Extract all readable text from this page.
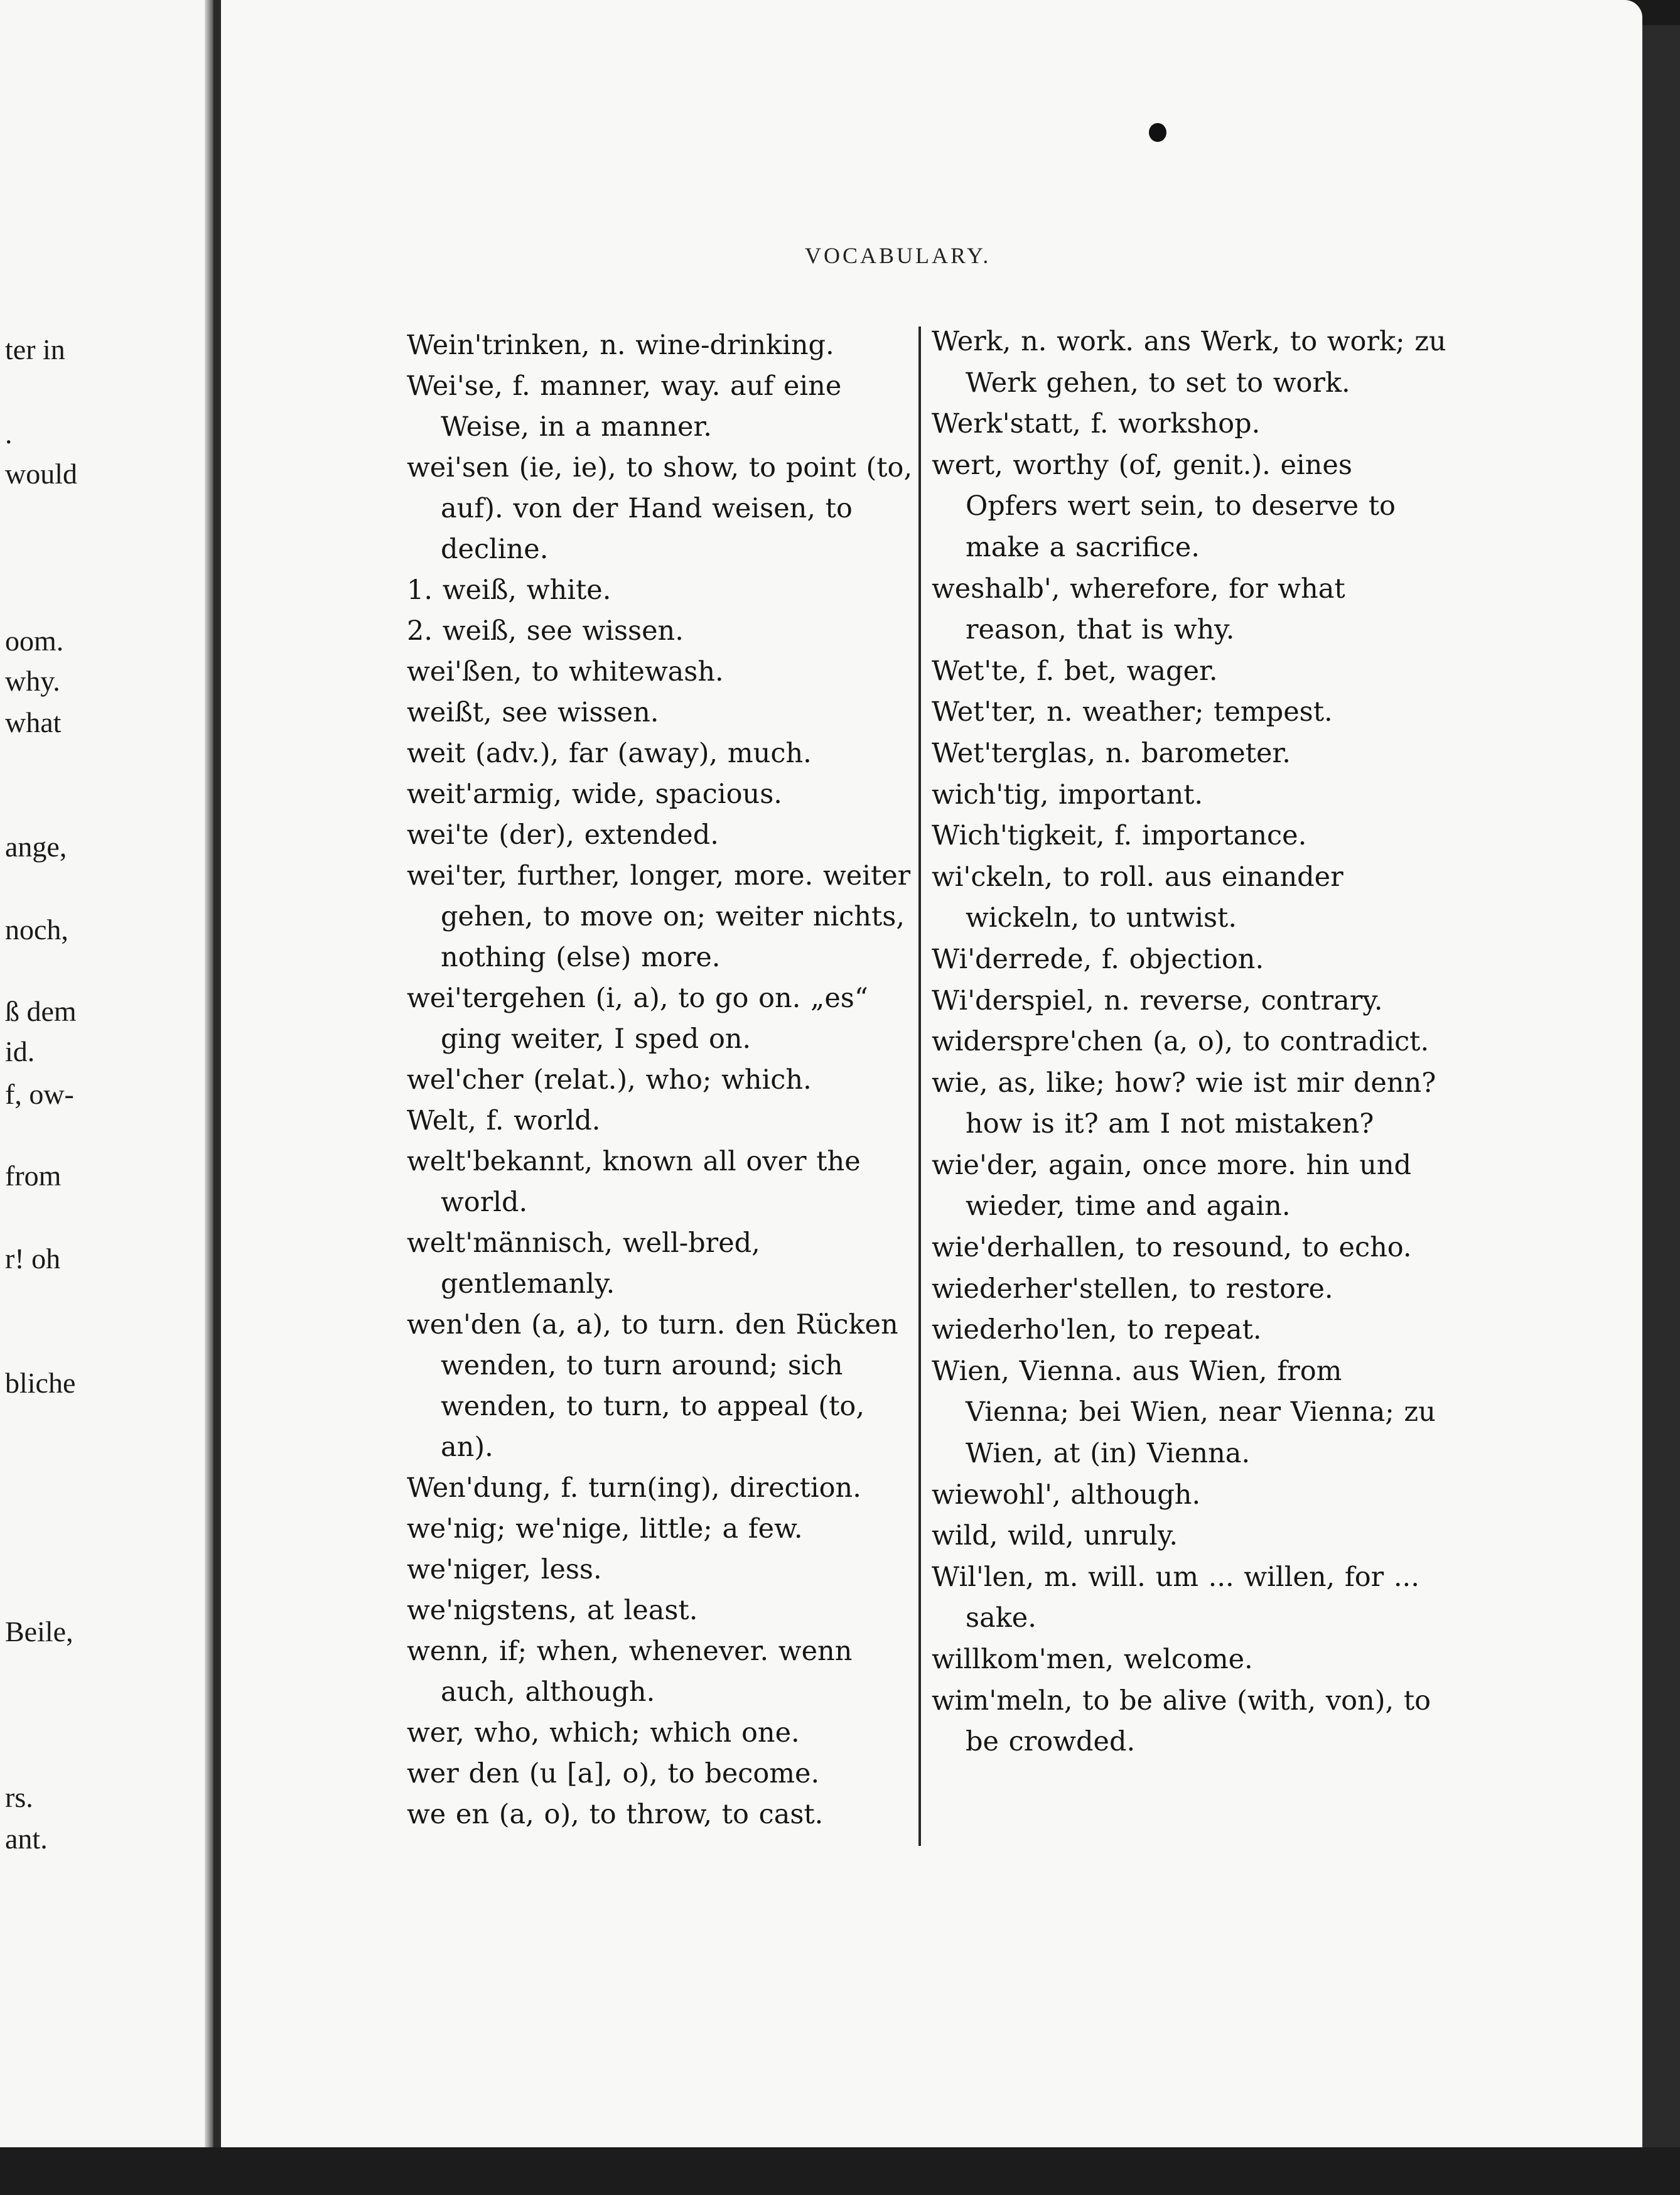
ter in
.
would
oom.
why.
what
ange,
noch,
ß dem
id.
f, ow-
from
r! oh
bliche
Beile,
rs.
ant.
VOCABULARY.
Wein'trinken, n. wine-drinking.
Wei'se, f. manner, way. auf eine Weise, in a manner.
wei'sen (ie, ie), to show, to point (to, auf). von der Hand weisen, to decline.
1. weiß, white.
2. weiß, see wissen.
wei'ßen, to whitewash.
weißt, see wissen.
weit (adv.), far (away), much.
weit'armig, wide, spacious.
wei'te (der), extended.
wei'ter, further, longer, more. weiter gehen, to move on; weiter nichts, nothing (else) more.
wei'tergehen (i, a), to go on. „es“ ging weiter, I sped on.
wel'cher (relat.), who; which.
Welt, f. world.
welt'bekannt, known all over the world.
welt'männisch, well-bred, gentlemanly.
wen'den (a, a), to turn. den Rücken wenden, to turn around; sich wenden, to turn, to appeal (to, an).
Wen'dung, f. turn(ing), direction.
we'nig; we'nige, little; a few.
we'niger, less.
we'nigstens, at least.
wenn, if; when, whenever. wenn auch, although.
wer, who, which; which one.
wer den (u [a], o), to become.
we en (a, o), to throw, to cast.
Werk, n. work. ans Werk, to work; zu Werk gehen, to set to work.
Werk'statt, f. workshop.
wert, worthy (of, genit.). eines Opfers wert sein, to deserve to make a sacrifice.
weshalb', wherefore, for what reason, that is why.
Wet'te, f. bet, wager.
Wet'ter, n. weather; tempest.
Wet'terglas, n. barometer.
wich'tig, important.
Wich'tigkeit, f. importance.
wi'ckeln, to roll. aus einander wickeln, to untwist.
Wi'derrede, f. objection.
Wi'derspiel, n. reverse, contrary.
widerspre'chen (a, o), to contradict.
wie, as, like; how? wie ist mir denn? how is it? am I not mistaken?
wie'der, again, once more. hin und wieder, time and again.
wie'derhallen, to resound, to echo.
wiederher'stellen, to restore.
wiederho'len, to repeat.
Wien, Vienna. aus Wien, from Vienna; bei Wien, near Vienna; zu Wien, at (in) Vienna.
wiewohl', although.
wild, wild, unruly.
Wil'len, m. will. um ... willen, for ... sake.
willkom'men, welcome.
wim'meln, to be alive (with, von), to be crowded.
